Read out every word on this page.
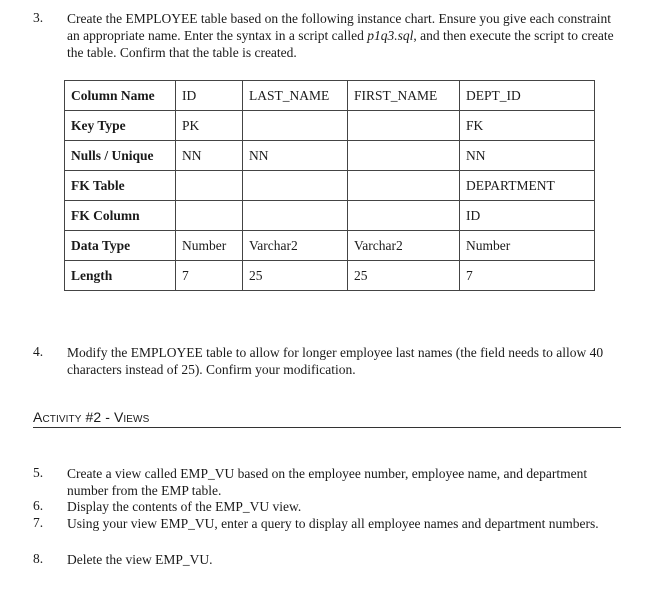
3. Create the EMPLOYEE table based on the following instance chart. Ensure you give each constraint an appropriate name. Enter the syntax in a script called p1q3.sql, and then execute the script to create the table. Confirm that the table is created.
Column Name	ID	LAST_NAME	FIRST_NAME	DEPT_ID
Key Type	PK			FK
Nulls / Unique	NN	NN		NN
FK Table				DEPARTMENT
FK Column				ID
Data Type	Number	Varchar2	Varchar2	Number
Length	7	25	25	7
4. Modify the EMPLOYEE table to allow for longer employee last names (the field needs to allow 40 characters instead of 25). Confirm your modification.
Activity #2 - Views
5. Create a view called EMP_VU based on the employee number, employee name, and department number from the EMP table.
6. Display the contents of the EMP_VU view.
7. Using your view EMP_VU, enter a query to display all employee names and department numbers.
8. Delete the view EMP_VU.
